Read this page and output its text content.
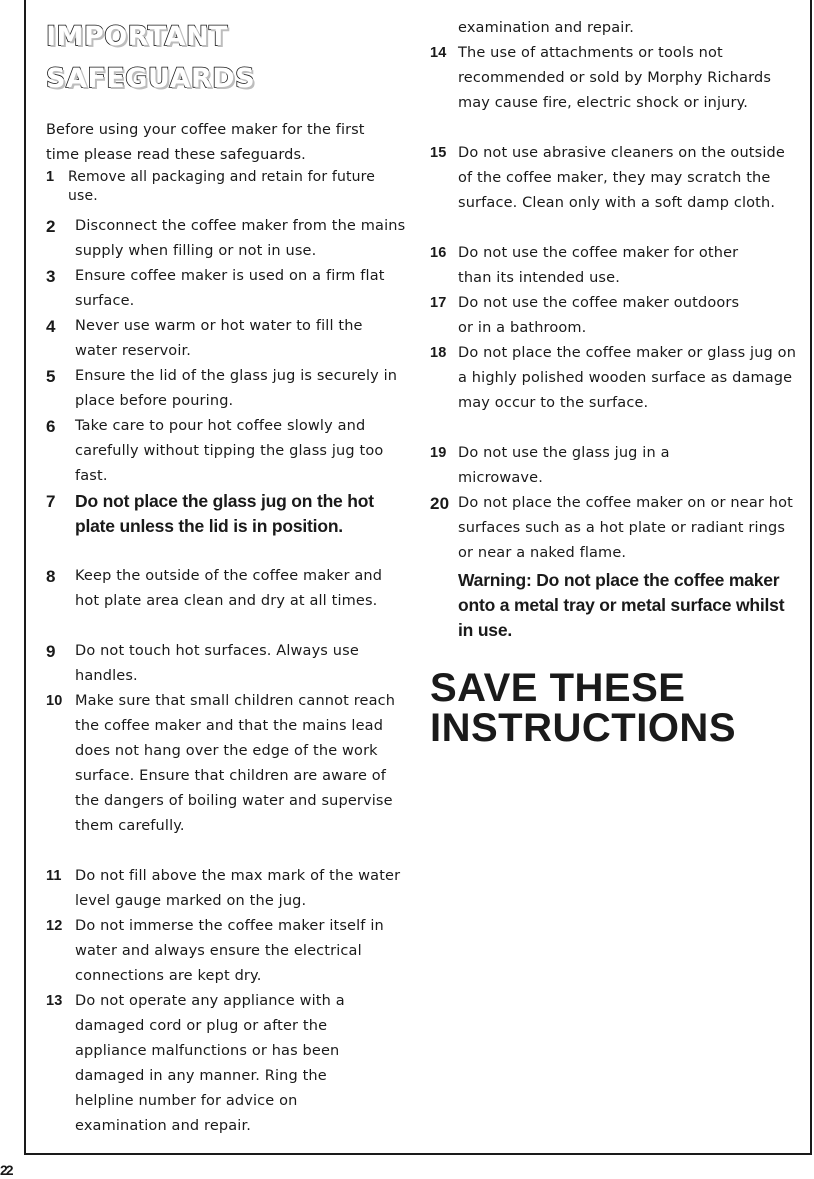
IMPORTANT SAFEGUARDS

Before using your coffee maker for the first time please read these safeguards.

1 Remove all packaging and retain for future use.
2	Disconnect the coffee maker from the mains supply when filling or not in use.
3	Ensure coffee maker is used on a firm flat surface.
4	Never use warm or hot water to fill the water reservoir.
5	Ensure the lid of the glass jug is securely in place before pouring.
6	Take care to pour hot coffee slowly and carefully without tipping the glass jug too fast.
7	Do not place the glass jug on the hot plate unless the lid is in position.
8	Keep the outside of the coffee maker and hot plate area clean and dry at all times.
9	Do not touch hot surfaces. Always use handles.
10 Make sure that small children cannot reach the coffee maker and that the mains lead does not hang over the edge of the work surface. Ensure that children are aware of the dangers of boiling water and supervise them carefully.
11 Do not fill above the max mark of the water level gauge marked on the jug.
12 Do not immerse the coffee maker itself in water and always ensure the electrical connections are kept dry.
13 Do not operate any appliance with a damaged cord or plug or after the appliance malfunctions or has been damaged in any manner. Ring the helpline number for advice on examination and repair.
examination and repair.
14 The use of attachments or tools not recommended or sold by Morphy Richards may cause fire, electric shock or injury.
15 Do not use abrasive cleaners on the outside of the coffee maker, they may scratch the surface. Clean only with a soft damp cloth.
16 Do not use the coffee maker for other than its intended use.
17 Do not use the coffee maker outdoors or in a bathroom.
18 Do not place the coffee maker or glass jug on a highly polished wooden surface as damage may occur to the surface.
19 Do not use the glass jug in a microwave.
20 Do not place the coffee maker on or near hot surfaces such as a hot plate or radiant rings or near a naked flame.

Warning: Do not place the coffee maker onto a metal tray or metal surface whilst in use.

SAVE THESE INSTRUCTIONS
22
